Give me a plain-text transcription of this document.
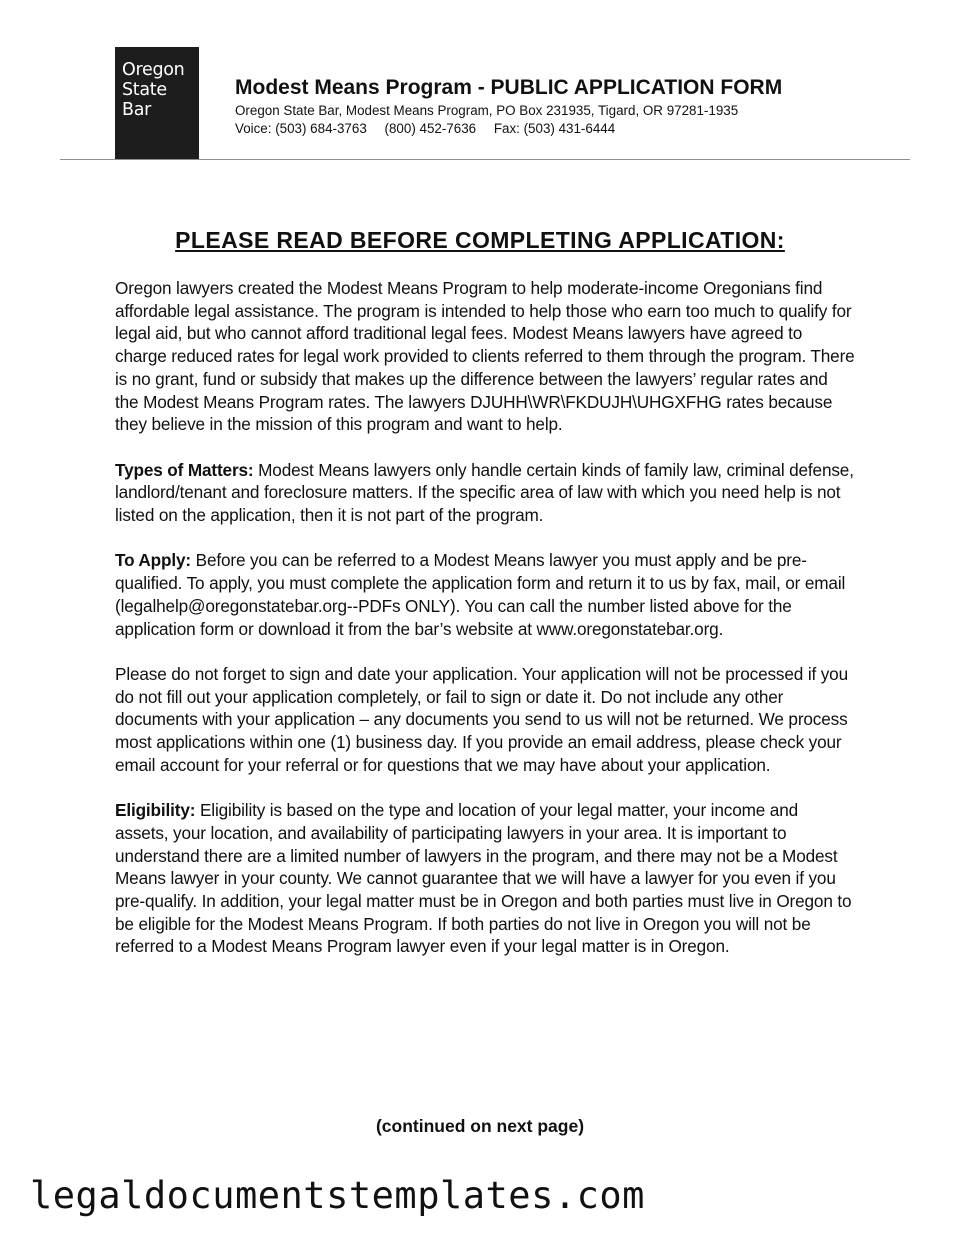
Oregon
State
Bar
Modest Means Program - PUBLIC APPLICATION FORM
Oregon State Bar, Modest Means Program, PO Box 231935, Tigard, OR 97281-1935
Voice: (503) 684-3763 (800) 452-7636 Fax: (503) 431-6444
PLEASE READ BEFORE COMPLETING APPLICATION:

Oregon lawyers created the Modest Means Program to help moderate-income Oregonians find affordable legal assistance. The program is intended to help those who earn too much to qualify for legal aid, but who cannot afford traditional legal fees. Modest Means lawyers have agreed to charge reduced rates for legal work provided to clients referred to them through the program. There is no grant, fund or subsidy that makes up the difference between the lawyers’ regular rates and the Modest Means Program rates. The lawyers DJUHH\WR\FKDUJH\UHGXFHG rates because they believe in the mission of this program and want to help.

Types of Matters: Modest Means lawyers only handle certain kinds of family law, criminal defense, landlord/tenant and foreclosure matters. If the specific area of law with which you need help is not listed on the application, then it is not part of the program.

To Apply: Before you can be referred to a Modest Means lawyer you must apply and be pre-qualified. To apply, you must complete the application form and return it to us by fax, mail, or email (legalhelp@oregonstatebar.org--PDFs ONLY). You can call the number listed above for the application form or download it from the bar’s website at www.oregonstatebar.org.

Please do not forget to sign and date your application. Your application will not be processed if you do not fill out your application completely, or fail to sign or date it. Do not include any other documents with your application – any documents you send to us will not be returned. We process most applications within one (1) business day. If you provide an email address, please check your email account for your referral or for questions that we may have about your application.

Eligibility: Eligibility is based on the type and location of your legal matter, your income and assets, your location, and availability of participating lawyers in your area. It is important to understand there are a limited number of lawyers in the program, and there may not be a Modest Means lawyer in your county. We cannot guarantee that we will have a lawyer for you even if you pre-qualify. In addition, your legal matter must be in Oregon and both parties must live in Oregon to be eligible for the Modest Means Program. If both parties do not live in Oregon you will not be referred to a Modest Means Program lawyer even if your legal matter is in Oregon.

(continued on next page)
legaldocumentstemplates.com
